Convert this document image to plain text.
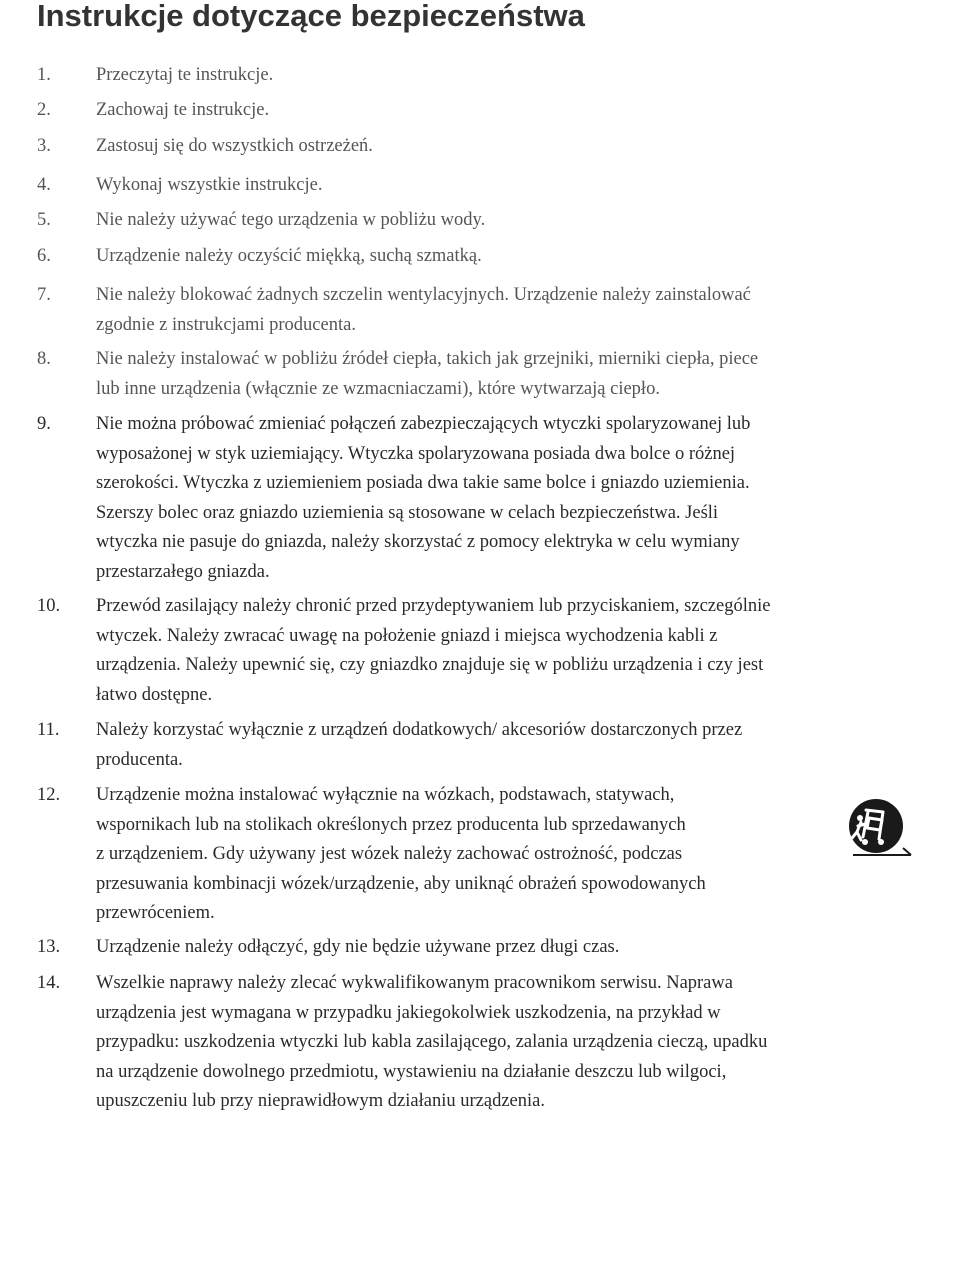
Instrukcje dotyczące bezpieczeństwa
1. Przeczytaj te instrukcje.
2. Zachowaj te instrukcje.
3. Zastosuj się do wszystkich ostrzeżeń.
4. Wykonaj wszystkie instrukcje.
5. Nie należy używać tego urządzenia w pobliżu wody.
6. Urządzenie należy oczyścić miękką, suchą szmatką.
7. Nie należy blokować żadnych szczelin wentylacyjnych. Urządzenie należy zainstalować
zgodnie z instrukcjami producenta.
8. Nie należy instalować w pobliżu źródeł ciepła, takich jak grzejniki, mierniki ciepła, piece
lub inne urządzenia (włącznie ze wzmacniaczami), które wytwarzają ciepło.
9. Nie można próbować zmieniać połączeń zabezpieczających wtyczki spolaryzowanej lub
wyposażonej w styk uziemiający. Wtyczka spolaryzowana posiada dwa bolce o różnej
szerokości. Wtyczka z uziemieniem posiada dwa takie same bolce i gniazdo uziemienia.
Szerszy bolec oraz gniazdo uziemienia są stosowane w celach bezpieczeństwa. Jeśli
wtyczka nie pasuje do gniazda, należy skorzystać z pomocy elektryka w celu wymiany
przestarzałego gniazda.
10. Przewód zasilający należy chronić przed przydeptywaniem lub przyciskaniem, szczególnie
wtyczek. Należy zwracać uwagę na położenie gniazd i miejsca wychodzenia kabli z
urządzenia. Należy upewnić się, czy gniazdko znajduje się w pobliżu urządzenia i czy jest
łatwo dostępne.
11. Należy korzystać wyłącznie z urządzeń dodatkowych/ akcesoriów dostarczonych przez
producenta.
12. Urządzenie można instalować wyłącznie na wózkach, podstawach, statywach,
wspornikach lub na stolikach określonych przez producenta lub sprzedawanych
z urządzeniem. Gdy używany jest wózek należy zachować ostrożność, podczas
przesuwania kombinacji wózek/urządzenie, aby uniknąć obrażeń spowodowanych
przewróceniem.
13. Urządzenie należy odłączyć, gdy nie będzie używane przez długi czas.
14. Wszelkie naprawy należy zlecać wykwalifikowanym pracownikom serwisu. Naprawa
urządzenia jest wymagana w przypadku jakiegokolwiek uszkodzenia, na przykład w
przypadku: uszkodzenia wtyczki lub kabla zasilającego, zalania urządzenia cieczą, upadku
na urządzenie dowolnego przedmiotu, wystawieniu na działanie deszczu lub wilgoci,
upuszczeniu lub przy nieprawidłowym działaniu urządzenia.
